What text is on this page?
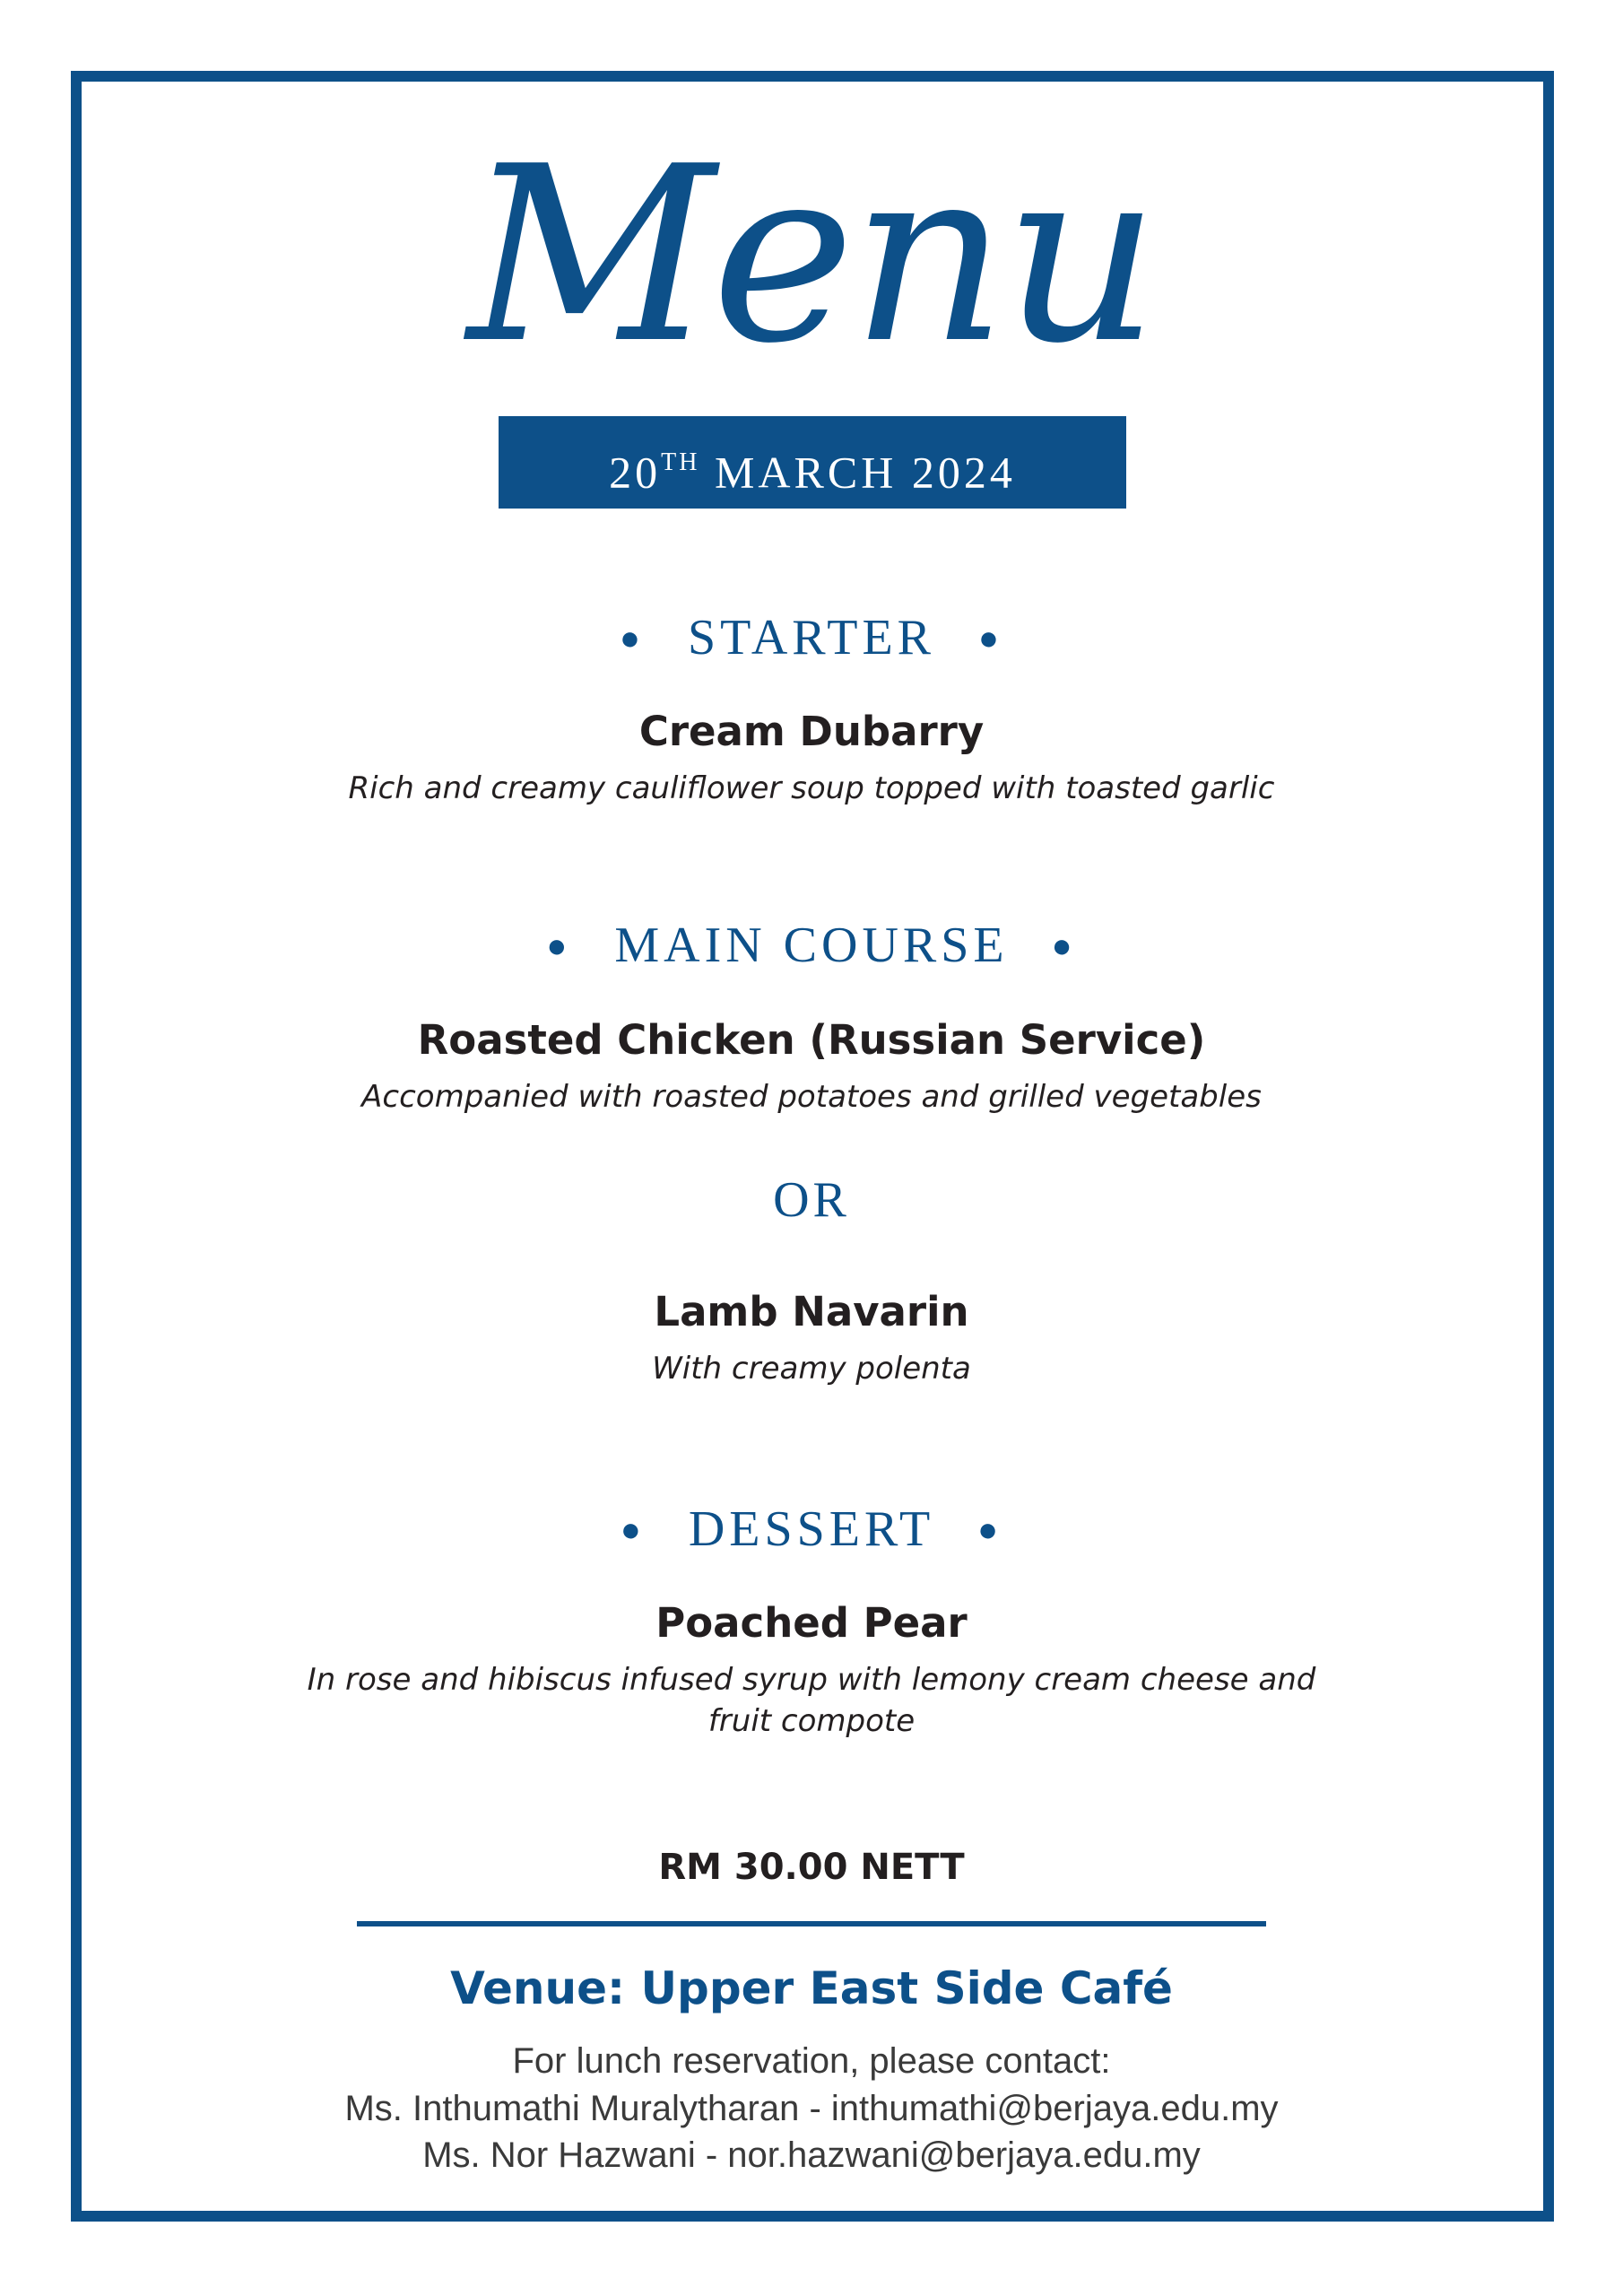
Menu
20TH MARCH 2024
● STARTER ●
Cream Dubarry
Rich and creamy cauliflower soup topped with toasted garlic
● MAIN COURSE ●
Roasted Chicken (Russian Service)
Accompanied with roasted potatoes and grilled vegetables
OR
Lamb Navarin
With creamy polenta
● DESSERT ●
Poached Pear
In rose and hibiscus infused syrup with lemony cream cheese and fruit compote
RM 30.00 NETT
Venue: Upper East Side Café
For lunch reservation, please contact:
Ms. Inthumathi Muralytharan - inthumathi@berjaya.edu.my
Ms. Nor Hazwani - nor.hazwani@berjaya.edu.my
